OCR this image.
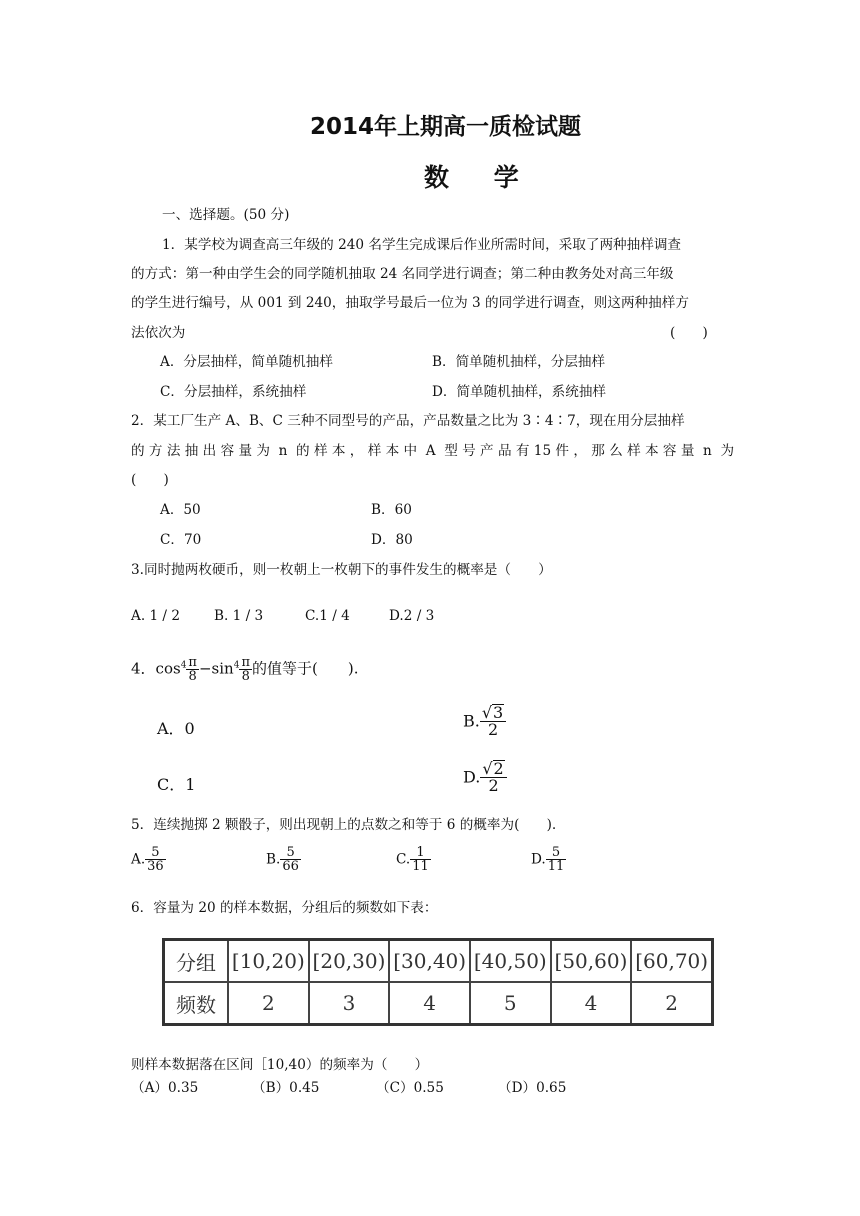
2014年上期高一质检试题
数 学
一、选择题。(50 分)
1．某学校为调查高三年级的 240 名学生完成课后作业所需时间，采取了两种抽样调查
的方式：第一种由学生会的同学随机抽取 24 名同学进行调查；第二种由教务处对高三年级
的学生进行编号，从 001 到 240，抽取学号最后一位为 3 的同学进行调查，则这两种抽样方
法依次为	(　　)
A．分层抽样，简单随机抽样	B．简单随机抽样，分层抽样
C．分层抽样，系统抽样	D．简单随机抽样，系统抽样
2．某工厂生产 A、B、C 三种不同型号的产品，产品数量之比为 3∶4∶7，现在用分层抽样
的 方 法 抽 出 容 量 为  n  的 样 本 ， 样 本 中  A  型 号 产 品 有 15 件 ， 那 么 样 本 容 量  n  为
(　　)
A．50	B．60
C．70	D．80
3.同时抛两枚硬币，则一枚朝上一枚朝下的事件发生的概率是（　　）
A. 1 / 2	B. 1 / 3	C.1 / 4	D.2 / 3
4．$\cos^4 \frac{\pi}{8} -\sin^4 \frac{\pi}{8}$ 的值等于(　　).
A．0	B. $\frac{√3}{2}$
C．1	D. $\frac{√2}{2}$
5．连续抛掷 2 颗骰子，则出现朝上的点数之和等于 6 的概率为(　　).
A. $\frac{5}{36}$	B. $\frac{5}{66}$	C. $\frac{1}{11}$	D. $\frac{5}{11}$
6．容量为 20 的样本数据，分组后的频数如下表：
分组	[10,20)	[20,30)	[30,40)	[40,50)	[50,60)	[60,70)
频数	2	3	4	5	4	2
则样本数据落在区间［10,40）的频率为（　　）
（A）0.35	（B）0.45	（C）0.55	（D）0.65
